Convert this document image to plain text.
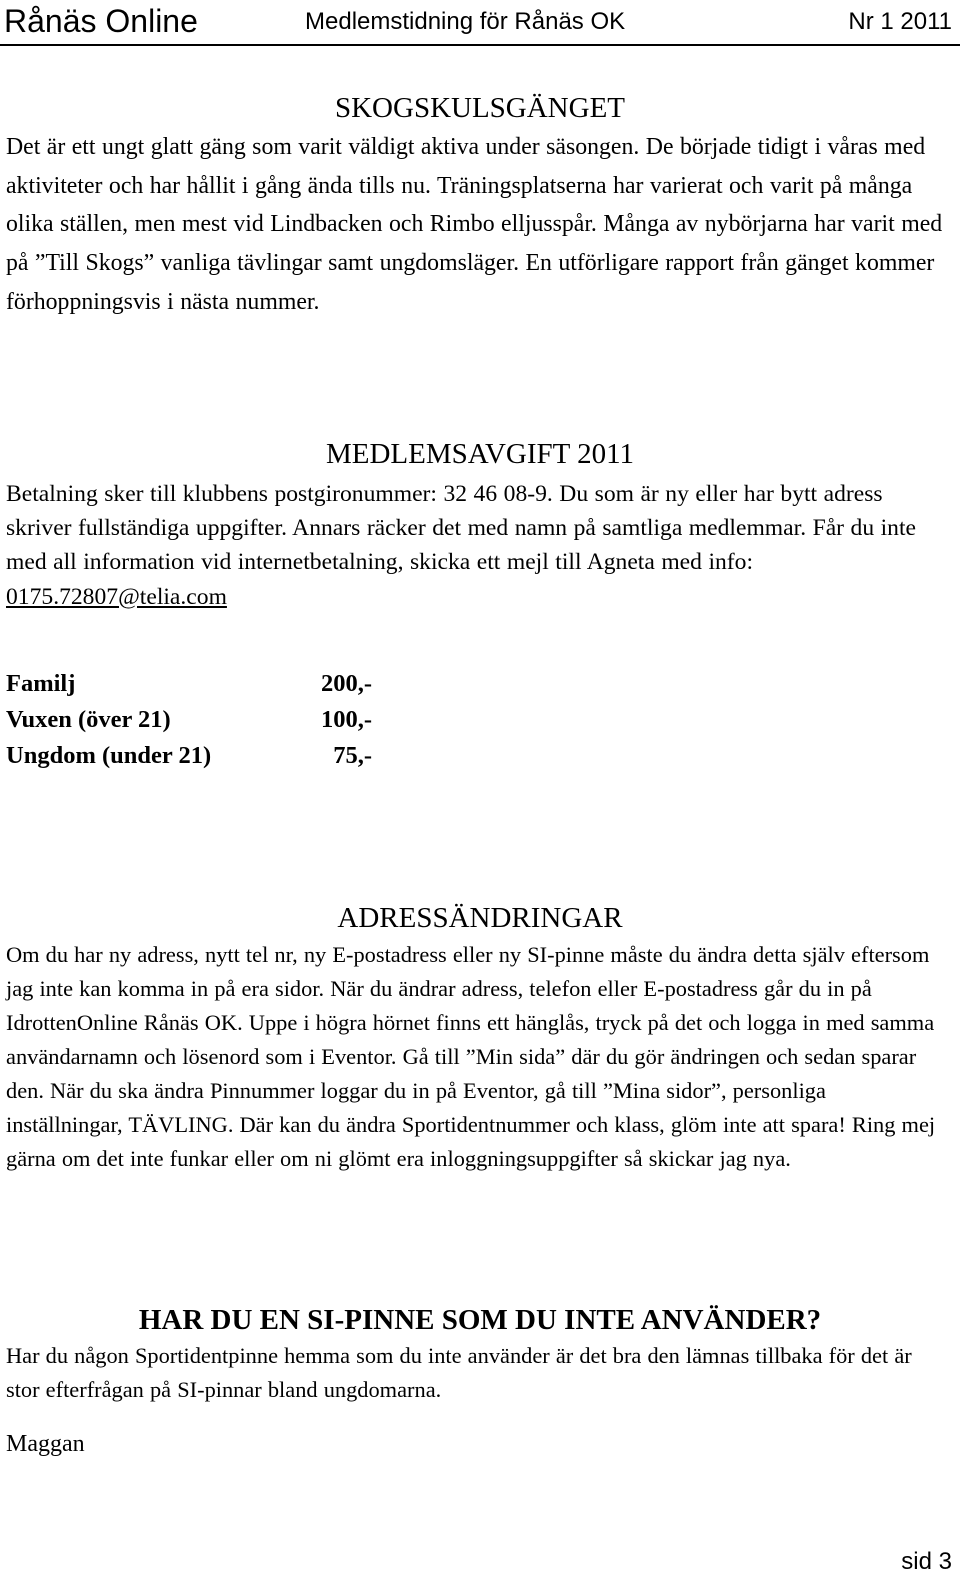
Rånäs Online	Medlemstidning för Rånäs OK	Nr 1 2011
SKOGSKULSGÄNGET
Det är ett ungt glatt gäng som varit väldigt aktiva under säsongen. De började tidigt i våras med aktiviteter och har hållit i gång ända tills nu. Träningsplatserna har varierat och varit på många olika ställen, men mest vid Lindbacken och Rimbo elljusspår. Många av nybörjarna har varit med på ”Till Skogs” vanliga tävlingar samt ungdomsläger. En utförligare rapport från gänget kommer förhoppningsvis i nästa nummer.
MEDLEMSAVGIFT 2011
Betalning sker till klubbens postgironummer: 32 46 08-9. Du som är ny eller har bytt adress skriver fullständiga uppgifter. Annars räcker det med namn på samtliga medlemmar. Får du inte med all information vid internetbetalning, skicka ett mejl till Agneta med info: 0175.72807@telia.com
Familj	200,-
Vuxen (över 21)	100,-
Ungdom (under 21)	75,-
ADRESSÄNDRINGAR
Om du har ny adress, nytt tel nr, ny E-postadress eller ny SI-pinne måste du ändra detta själv eftersom jag inte kan komma in på era sidor. När du ändrar adress, telefon eller E-postadress går du in på IdrottenOnline Rånäs OK. Uppe i högra hörnet finns ett hänglås, tryck på det och logga in med samma användarnamn och lösenord som i Eventor. Gå till ”Min sida” där du gör ändringen och sedan sparar den. När du ska ändra Pinnummer loggar du in på Eventor, gå till ”Mina sidor”, personliga inställningar, TÄVLING. Där kan du ändra Sportidentnummer och klass, glöm inte att spara! Ring mej gärna om det inte funkar eller om ni glömt era inloggningsuppgifter så skickar jag nya.
HAR DU EN SI-PINNE SOM DU INTE ANVÄNDER?
Har du någon Sportidentpinne hemma som du inte använder är det bra den lämnas tillbaka för det är stor efterfrågan på SI-pinnar bland ungdomarna.
Maggan
sid 3
